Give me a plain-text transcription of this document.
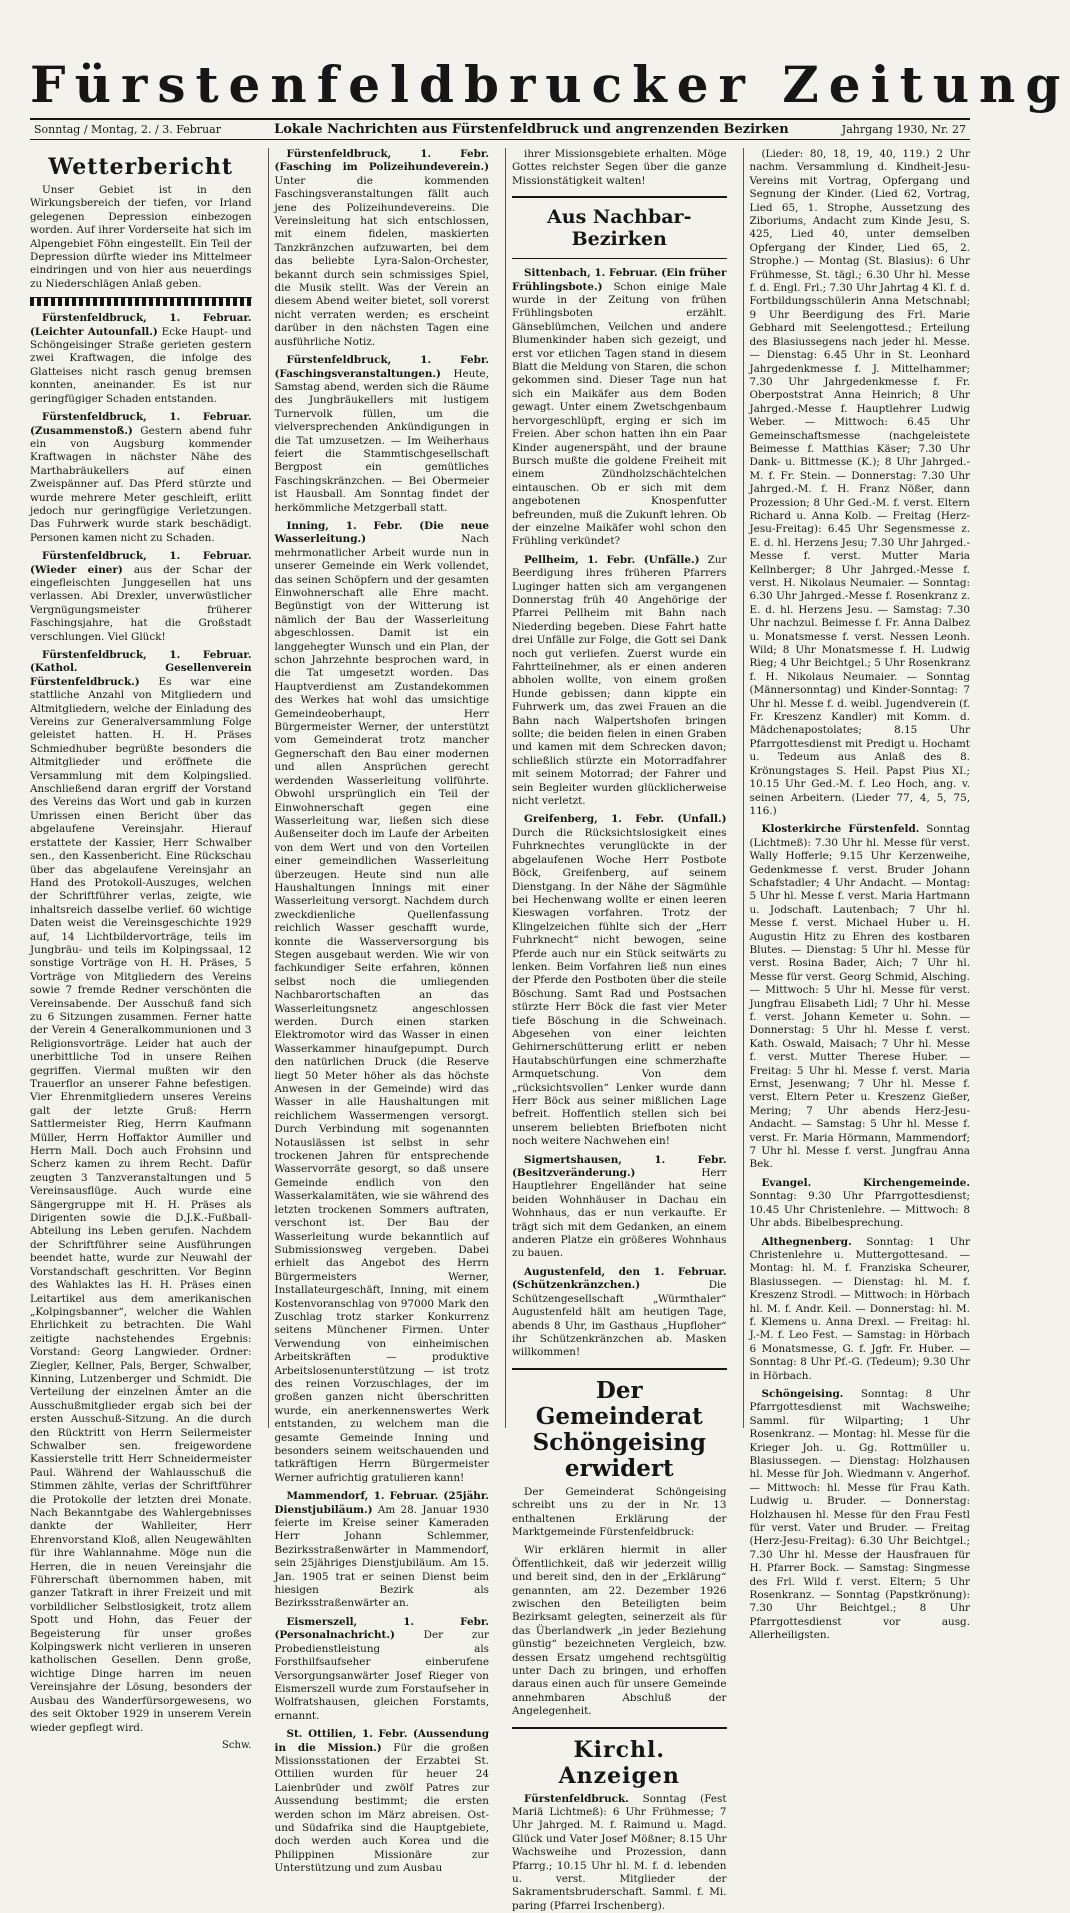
Fürstenfeldbrucker Zeitung
Sonntag / Montag, 2. / 3. Februar	Lokale Nachrichten aus Fürstenfeldbruck und angrenzenden Bezirken	Jahrgang 1930, Nr. 27
Wetterbericht

Unser Gebiet ist in den Wirkungsbereich der tiefen, vor Irland gelegenen Depression einbezogen worden. Auf ihrer Vorderseite hat sich im Alpengebiet Föhn eingestellt. Ein Teil der Depression dürfte wieder ins Mittelmeer eindringen und von hier aus neuerdings zu Niederschlägen Anlaß geben.

Fürstenfeldbruck, 1. Februar. (Leichter Autounfall.) Ecke Haupt- und Schöngeisinger Straße gerieten gestern zwei Kraftwagen, die infolge des Glatteises nicht rasch genug bremsen konnten, aneinander. Es ist nur geringfügiger Schaden entstanden.

Fürstenfeldbruck, 1. Februar. (Zusammenstoß.) Gestern abend fuhr ein von Augsburg kommender Kraftwagen in nächster Nähe des Marthabräukellers auf einen Zweispänner auf. Das Pferd stürzte und wurde mehrere Meter geschleift, erlitt jedoch nur geringfügige Verletzungen. Das Fuhrwerk wurde stark beschädigt. Personen kamen nicht zu Schaden.

Fürstenfeldbruck, 1. Februar. (Wieder einer) aus der Schar der eingefleischten Junggesellen hat uns verlassen. Abi Drexler, unverwüstlicher Vergnügungsmeister früherer Faschingsjahre, hat die Großstadt verschlungen. Viel Glück!

Fürstenfeldbruck, 1. Februar. (Kathol. Gesellenverein Fürstenfeldbruck.) Es war eine stattliche Anzahl von Mitgliedern und Altmitgliedern, welche der Einladung des Vereins zur Generalversammlung Folge geleistet hatten. H. H. Präses Schmiedhuber begrüßte besonders die Altmitglieder und eröffnete die Versammlung mit dem Kolpingslied. Anschließend daran ergriff der Vorstand des Vereins das Wort und gab in kurzen Umrissen einen Bericht über das abgelaufene Vereinsjahr. Hierauf erstattete der Kassier, Herr Schwalber sen., den Kassenbericht. Eine Rückschau über das abgelaufene Vereinsjahr an Hand des Protokoll-Auszuges, welchen der Schriftführer verlas, zeigte, wie inhaltsreich dasselbe verlief. 60 wichtige Daten weist die Vereinsgeschichte 1929 auf, 14 Lichtbildervorträge, teils im Jungbräu- und teils im Kolpingssaal, 12 sonstige Vorträge von H. H. Präses, 5 Vorträge von Mitgliedern des Vereins sowie 7 fremde Redner verschönten die Vereinsabende. Der Ausschuß fand sich zu 6 Sitzungen zusammen. Ferner hatte der Verein 4 Generalkommunionen und 3 Religionsvorträge. Leider hat auch der unerbittliche Tod in unsere Reihen gegriffen. Viermal mußten wir den Trauerflor an unserer Fahne befestigen. Vier Ehrenmitgliedern unseres Vereins galt der letzte Gruß: Herrn Sattlermeister Rieg, Herrn Kaufmann Müller, Herrn Hoffaktor Aumiller und Herrn Mall. Doch auch Frohsinn und Scherz kamen zu ihrem Recht. Dafür zeugten 3 Tanzveranstaltungen und 5 Vereinsausflüge. Auch wurde eine Sängergruppe mit H. H. Präses als Dirigenten sowie die D.J.K.-Fußball-Abteilung ins Leben gerufen. Nachdem der Schriftführer seine Ausführungen beendet hatte, wurde zur Neuwahl der Vorstandschaft geschritten. Vor Beginn des Wahlaktes las H. H. Präses einen Leitartikel aus dem amerikanischen „Kolpingsbanner“, welcher die Wahlen Ehrlichkeit zu betrachten. Die Wahl zeitigte nachstehendes Ergebnis: Vorstand: Georg Langwieder. Ordner: Ziegler, Kellner, Pals, Berger, Schwalber, Kinning, Lutzenberger und Schmidt. Die Verteilung der einzelnen Ämter an die Ausschußmitglieder ergab sich bei der ersten Ausschuß-Sitzung. An die durch den Rücktritt von Herrn Seilermeister Schwalber sen. freigewordene Kassierstelle tritt Herr Schneidermeister Paul. Während der Wahlausschuß die Stimmen zählte, verlas der Schriftführer die Protokolle der letzten drei Monate. Nach Bekanntgabe des Wahlergebnisses dankte der Wahlleiter, Herr Ehrenvorstand Kloß, allen Neugewählten für ihre Wahlannahme. Möge nun die Herren, die in neuen Vereinsjahr die Führerschaft übernommen haben, mit ganzer Tatkraft in ihrer Freizeit und mit vorbildlicher Selbstlosigkeit, trotz allem Spott und Hohn, das Feuer der Begeisterung für unser großes Kolpingswerk nicht verlieren in unseren katholischen Gesellen. Denn große, wichtige Dinge harren im neuen Vereinsjahre der Lösung, besonders der Ausbau des Wanderfürsorgewesens, wo des seit Oktober 1929 in unserem Verein wieder gepflegt wird.

Schw.

Fürstenfeldbruck, 1. Febr. (Fasching im Polizeihundeverein.) Unter die kommenden Faschingsveranstaltungen fällt auch jene des Polizeihundevereins. Die Vereinsleitung hat sich entschlossen, mit einem fidelen, maskierten Tanzkränzchen aufzuwarten, bei dem das beliebte Lyra-Salon-Orchester, bekannt durch sein schmissiges Spiel, die Musik stellt. Was der Verein an diesem Abend weiter bietet, soll vorerst nicht verraten werden; es erscheint darüber in den nächsten Tagen eine ausführliche Notiz.

Fürstenfeldbruck, 1. Febr. (Faschingsveranstaltungen.) Heute, Samstag abend, werden sich die Räume des Jungbräukellers mit lustigem Turnervolk füllen, um die vielversprechenden Ankündigungen in die Tat umzusetzen. — Im Weiherhaus feiert die Stammtischgesellschaft Bergpost ein gemütliches Faschingskränzchen. — Bei Obermeier ist Hausball. Am Sonntag findet der herkömmliche Metzgerball statt.

Inning, 1. Febr. (Die neue Wasserleitung.)	Nach mehrmonatlicher Arbeit wurde nun in unserer Gemeinde ein Werk vollendet, das seinen Schöpfern und der gesamten Einwohnerschaft alle Ehre macht. Begünstigt von der Witterung ist nämlich der Bau der Wasserleitung abgeschlossen. Damit ist ein langgehegter Wunsch und ein Plan, der schon Jahrzehnte besprochen ward, in die Tat umgesetzt worden. Das Hauptverdienst am Zustandekommen des Werkes hat wohl das umsichtige Gemeindeoberhaupt, Herr Bürgermeister Werner, der unterstützt vom Gemeinderat trotz mancher Gegnerschaft den Bau einer modernen und allen Ansprüchen gerecht werdenden Wasserleitung vollführte. Obwohl ursprünglich ein Teil der Einwohnerschaft gegen eine Wasserleitung war, ließen sich diese Außenseiter doch im Laufe der Arbeiten von dem Wert und von den Vorteilen einer gemeindlichen Wasserleitung überzeugen. Heute sind nun alle Haushaltungen Innings mit einer Wasserleitung versorgt. Nachdem durch zweckdienliche Quellenfassung reichlich Wasser geschafft wurde, konnte die Wasserversorgung bis Stegen ausgebaut werden. Wie wir von fachkundiger Seite erfahren, können selbst noch die umliegenden Nachbarortschaften an das Wasserleitungsnetz angeschlossen werden. Durch einen starken Elektromotor wird das Wasser in einen Wasserkammer hinaufgepumpt. Durch den natürlichen Druck (die Reserve liegt 50 Meter höher als das höchste Anwesen in der Gemeinde) wird das Wasser in alle Haushaltungen mit reichlichem Wassermengen versorgt. Durch Verbindung mit sogenannten Notauslässen ist selbst in sehr trockenen Jahren für entsprechende Wasservorräte gesorgt, so daß unsere Gemeinde endlich von den Wasserkalamitäten, wie sie während des letzten trockenen Sommers auftraten, verschont ist. Der Bau der Wasserleitung wurde bekanntlich auf Submissionsweg vergeben. Dabei erhielt das Angebot des Herrn Bürgermeisters Werner, Installateurgeschäft, Inning, mit einem Kostenvoranschlag von 97000 Mark den Zuschlag trotz starker Konkurrenz seitens Münchener Firmen. Unter Verwendung von einheimischen Arbeitskräften — produktive Arbeitslosenunterstützung — ist trotz des reinen Vorzuschlages, der im großen ganzen nicht überschritten wurde, ein anerkennenswertes Werk entstanden, zu welchem man die gesamte Gemeinde Inning und besonders seinem weitschauenden und tatkräftigen Herrn Bürgermeister Werner aufrichtig gratulieren kann!

Mammendorf, 1. Februar. (25jähr. Dienstjubiläum.) Am 28. Januar 1930 feierte im Kreise seiner Kameraden Herr Johann Schlemmer, Bezirksstraßenwärter in Mammendorf, sein 25jähriges Dienstjubiläum. Am 15. Jan. 1905 trat er seinen Dienst beim hiesigen Bezirk als Bezirksstraßenwärter an.

Eismerszell, 1. Febr. (Personalnachricht.)	Der zur Probedienstleistung als Forsthilfsaufseher einberufene Versorgungsanwärter Josef Rieger von Eismerszell wurde zum Forstaufseher in Wolfratshausen, gleichen Forstamts, ernannt.

St. Ottilien, 1. Febr. (Aussendung in die Mission.) Für die großen Missionsstationen der Erzabtei St. Ottilien wurden für heuer 24 Laienbrüder und zwölf Patres zur Aussendung bestimmt; die ersten werden schon im März abreisen. Ost- und Südafrika sind die Hauptgebiete, doch werden auch Korea und die Philippinen Missionäre zur Unterstützung und zum Ausbau

ihrer Missionsgebiete erhalten. Möge Gottes reichster Segen über die ganze Missionstätigkeit walten!

Aus Nachbar-Bezirken

Sittenbach, 1. Februar. (Ein früher Frühlingsbote.) Schon einige Male wurde in der Zeitung von frühen Frühlingsboten erzählt. Gänseblümchen, Veilchen und andere Blumenkinder haben sich gezeigt, und erst vor etlichen Tagen stand in diesem Blatt die Meldung von Staren, die schon gekommen sind. Dieser Tage nun hat sich ein Maikäfer aus dem Boden gewagt. Unter einem Zwetschgenbaum hervorgeschlüpft, erging er sich im Freien. Aber schon hatten ihn ein Paar Kinder augenerspäht, und der braune Bursch mußte die goldene Freiheit mit einem Zündholzschächtelchen eintauschen. Ob er sich mit dem angebotenen Knospenfutter befreunden, muß die Zukunft lehren. Ob der einzelne Maikäfer wohl schon den Frühling verkündet?

Pellheim, 1. Febr. (Unfälle.) Zur Beerdigung ihres früheren Pfarrers Luginger hatten sich am vergangenen Donnerstag früh 40 Angehörige der Pfarrei Pellheim mit Bahn nach Niederding begeben. Diese Fahrt hatte drei Unfälle zur Folge, die Gott sei Dank noch gut verliefen. Zuerst wurde ein Fahrtteilnehmer, als er einen anderen abholen wollte, von einem großen Hunde gebissen; dann kippte ein Fuhrwerk um, das zwei Frauen an die Bahn nach Walpertshofen bringen sollte; die beiden fielen in einen Graben und kamen mit dem Schrecken davon; schließlich stürzte ein Motorradfahrer mit seinem Motorrad; der Fahrer und sein Begleiter wurden glücklicherweise nicht verletzt.

Greifenberg, 1. Febr. (Unfall.) Durch die Rücksichtslosigkeit eines Fuhrknechtes verunglückte in der abgelaufenen Woche Herr Postbote Böck, Greifenberg, auf seinem Dienstgang. In der Nähe der Sägmühle bei Hechenwang wollte er einen leeren Kieswagen vorfahren. Trotz der Klingelzeichen fühlte sich der „Herr Fuhrknecht“ nicht bewogen, seine Pferde auch nur ein Stück seitwärts zu lenken. Beim Vorfahren ließ nun eines der Pferde den Postboten über die steile Böschung. Samt Rad und Postsachen stürzte Herr Böck die fast vier Meter tiefe Böschung in die Schweinach. Abgesehen von einer leichten Gehirnerschütterung erlitt er neben Hautabschürfungen eine schmerzhafte Armquetschung. Von dem „rücksichtsvollen“ Lenker wurde dann Herr Böck aus seiner mißlichen Lage befreit. Hoffentlich stellen sich bei unserem beliebten Briefboten nicht noch weitere Nachwehen ein!

Sigmertshausen, 1. Febr. (Besitzveränderung.)	Herr Hauptlehrer Engelländer hat seine beiden Wohnhäuser in Dachau ein Wohnhaus, das er nun verkaufte. Er trägt sich mit dem Gedanken, an einem anderen Platze ein größeres Wohnhaus zu bauen.

Augustenfeld, den 1. Februar. (Schützenkränzchen.)	Die Schützengesellschaft „Würmthaler“ Augustenfeld hält am heutigen Tage, abends 8 Uhr, im Gasthaus „Hupfloher“ ihr Schützenkränzchen ab. Masken willkommen!

Der Gemeinderat Schöngeising erwidert

Der Gemeinderat Schöngeising schreibt uns zu der in Nr. 13 enthaltenen Erklärung der Marktgemeinde Fürstenfeldbruck:

Wir erklären hiermit in aller Öffentlichkeit, daß wir jederzeit willig und bereit sind, den in der „Erklärung“ genannten, am 22. Dezember 1926 zwischen den Beteiligten beim Bezirksamt gelegten, seinerzeit als für das Überlandwerk „in jeder Beziehung günstig“ bezeichneten Vergleich, bzw. dessen Ersatz umgehend rechtsgültig unter Dach zu bringen, und erhoffen daraus einen auch für unsere Gemeinde annehmbaren Abschluß der Angelegenheit.

Kirchl. Anzeigen

Fürstenfeldbruck. Sonntag (Fest Mariä Lichtmeß): 6 Uhr Frühmesse; 7 Uhr Jahrged. M. f. Raimund u. Magd. Glück und Vater Josef Mößner; 8.15 Uhr Wachsweihe und Prozession, dann Pfarrg.; 10.15 Uhr hl. M. f. d. lebenden u. verst. Mitglieder der Sakramentsbruderschaft. Samml. f. Mi. paring (Pfarrei Irschenberg).

(Lieder: 80, 18, 19, 40, 119.) 2 Uhr nachm. Versammlung d. Kindheit-Jesu-Vereins mit Vortrag, Opfergang und Segnung der Kinder. (Lied 62, Vortrag, Lied 65, 1. Strophe, Aussetzung des Ziboriums, Andacht zum Kinde Jesu, S. 425, Lied 40, unter demselben Opfergang der Kinder, Lied 65, 2. Strophe.) — Montag (St. Blasius): 6 Uhr Frühmesse, St. tägl.; 6.30 Uhr hl. Messe f. d. Engl. Frl.; 7.30 Uhr Jahrtag 4 Kl. f. d. Fortbildungsschülerin Anna Metschnabl; 9 Uhr Beerdigung des Frl. Marie Gebhard mit Seelengottesd.; Erteilung des Blasiussegens nach jeder hl. Messe. — Dienstag: 6.45 Uhr in St. Leonhard Jahrgedenkmesse f. J. Mittelhammer; 7.30 Uhr Jahrgedenkmesse f. Fr. Oberpoststrat Anna Heinrich; 8 Uhr Jahrged.-Messe f. Hauptlehrer Ludwig Weber. — Mittwoch: 6.45 Uhr Gemeinschaftsmesse (nachgeleistete Beimesse f. Matthias Käser; 7.30 Uhr Dank- u. Bittmesse (K.); 8 Uhr Jahrged.-M. f. Fr. Stein. — Donnerstag: 7.30 Uhr Jahrged.-M. f. H. Franz Nößer, dann Prozession; 8 Uhr Ged.-M. f. verst. Eltern Richard u. Anna Kolb. — Freitag (Herz-Jesu-Freitag): 6.45 Uhr Segensmesse z. E. d. hl. Herzens Jesu; 7.30 Uhr Jahrged.-Messe f. verst. Mutter Maria Kellnberger; 8 Uhr Jahrged.-Messe f. verst. H. Nikolaus Neumaier. — Sonntag: 6.30 Uhr Jahrged.-Messe f. Rosenkranz z. E. d. hl. Herzens Jesu. — Samstag: 7.30 Uhr nachzul. Beimesse f. Fr. Anna Dalbez u. Monatsmesse f. verst. Nessen Leonh. Wild; 8 Uhr Monatsmesse f. H. Ludwig Rieg; 4 Uhr Beichtgel.; 5 Uhr Rosenkranz f. H. Nikolaus Neumaier. — Sonntag (Männersonntag) und Kinder-Sonntag: 7 Uhr hl. Messe f. d. weibl. Jugendverein (f. Fr. Kreszenz Kandler) mit Komm. d. Mädchenapostolates; 8.15 Uhr Pfarrgottesdienst mit Predigt u. Hochamt u. Tedeum aus Anlaß des 8. Krönungstages S. Heil. Papst Pius XI.; 10.15 Uhr Ged.-M. f. Leo Hoch, ang. v. seinen Arbeitern. (Lieder 77, 4, 5, 75, 116.)

Klosterkirche Fürstenfeld. Sonntag (Lichtmeß): 7.30 Uhr hl. Messe für verst. Wally Hofferle; 9.15 Uhr Kerzenweihe, Gedenkmesse f. verst. Bruder Johann Schafstadler; 4 Uhr Andacht. — Montag: 5 Uhr hl. Messe f. verst. Maria Hartmann u. Jodschaft. Lautenbach; 7 Uhr hl. Messe f. verst. Michael Huber u. H. Augustin Hitz zu Ehren des kostbaren Blutes. — Dienstag: 5 Uhr hl. Messe für verst. Rosina Bader, Aich; 7 Uhr hl. Messe für verst. Georg Schmid, Alsching. — Mittwoch: 5 Uhr hl. Messe für verst. Jungfrau Elisabeth Lidl; 7 Uhr hl. Messe f. verst. Johann Kemeter u. Sohn. — Donnerstag: 5 Uhr hl. Messe f. verst. Kath. Oswald, Maisach; 7 Uhr hl. Messe f. verst. Mutter Therese Huber. — Freitag: 5 Uhr hl. Messe f. verst. Maria Ernst, Jesenwang; 7 Uhr hl. Messe f. verst. Eltern Peter u. Kreszenz Gießer, Mering; 7 Uhr abends Herz-Jesu-Andacht. — Samstag: 5 Uhr hl. Messe f. verst. Fr. Maria Hörmann, Mammendorf; 7 Uhr hl. Messe f. verst. Jungfrau Anna Bek.

Evangel. Kirchengemeinde. Sonntag: 9.30 Uhr Pfarrgottesdienst; 10.45 Uhr Christenlehre. — Mittwoch: 8 Uhr abds. Bibelbesprechung.

Althegnenberg. Sonntag: 1 Uhr Christenlehre u. Muttergottesand. — Montag: hl. M. f. Franziska Scheurer, Blasiussegen. — Dienstag: hl. M. f. Kreszenz Strodl. — Mittwoch: in Hörbach hl. M. f. Andr. Keil. — Donnerstag: hl. M. f. Klemens u. Anna Drexl. — Freitag: hl. J.-M. f. Leo Fest. — Samstag: in Hörbach 6 Monatsmesse, G. f. Jgfr. Fr. Huber. — Sonntag: 8 Uhr Pf.-G. (Tedeum); 9.30 Uhr in Hörbach.

Schöngeising. Sonntag: 8 Uhr Pfarrgottesdienst mit Wachsweihe; Samml. für Wilparting; 1 Uhr Rosenkranz. — Montag: hl. Messe für die Krieger Joh. u. Gg. Rottmüller u. Blasiussegen. — Dienstag: Holzhausen hl. Messe für Joh. Wiedmann v. Angerhof. — Mittwoch: hl. Messe für Frau Kath. Ludwig u. Bruder. — Donnerstag: Holzhausen hl. Messe für den Frau Festl für verst. Vater und Bruder. — Freitag (Herz-Jesu-Freitag): 6.30 Uhr Beichtgel.; 7.30 Uhr hl. Messe der Hausfrauen für H. Pfarrer Bock. — Samstag: Singmesse des Frl. Wild f. verst. Eltern; 5 Uhr Rosenkranz. — Sonntag (Papstkrönung): 7.30 Uhr Beichtgel.; 8 Uhr Pfarrgottesdienst vor ausg. Allerheiligsten.
